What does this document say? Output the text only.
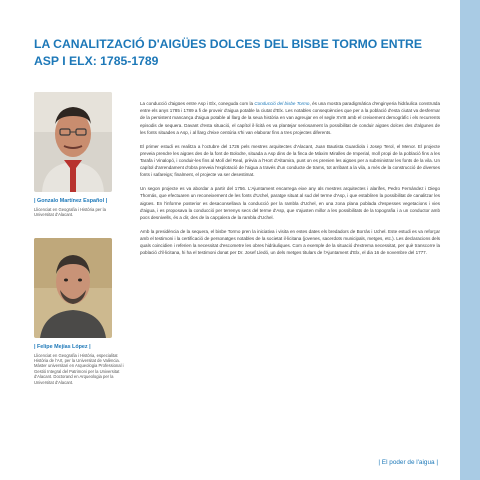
LA CANALITZACIÓ D'AIGÜES DOLCES DEL BISBE TORMO ENTRE ASP I ELX: 1785-1789
| Gonzalo Martínez Español |
Llicenciat en Geografia i Història per la Universitat d'Alacant.
| Felipe Mejías López |
Llicenciat en Geografia i Història, especialitat Història de l'Art, per la Universitat de València. Màster universitari en Arqueologia Professional i Gestió Integral del Patrimoni per la Universitat d'Alacant. Doctorand en Arqueologia per la Universitat d'Alacant.

La conducció d'aigües entre Asp i Elx, coneguda com la Conducció del bisbe Tormo, és una mostra paradigmàtica d'enginyeria hidràulica construïda entre els anys 1785 i 1789 a fi de proveir d'aigua potable la ciutat d'Elx. Les notables conseqüències que per a la població d'esta ciutat va desfermar de la persistent mancança d'aigua potable al llarg de la seua història en van agreujar en el segle XVIII amb el creixement demogràfic i els recurrents episodis de sequera. Davant d'esta situació, el capítol il·licità es va plantejar seriosament la possibilitat de conduir aigües dolces des d'algunes de les fonts situades a Asp, i al llarg d'eixe centúria s'hi van elaborar fins a tres projectes diferents.

El primer estudi es realitza a l'octubre del 1726 pels mestres arquitectes d'Alacant, Juan Bautista Guardiola i Josep Terol, el Menor. El projecte preveia prendre les aigües des de la font de Bolodre, situada a Asp dins de la finca de Màxim Miralles de Imperial, moll propi de la població fins a les Tarafa i Vinalopó, i conduir-les fins al Molí del Real, prèvia a l'Hort d'Altamira, punt on es prenien les aigües per a subministrar les fonts de la vila. Un capítol d'arrendament d'obra preveia l'explotació de l'aigua a través d'un conducte de trams, tot arribant a la vila, a més de la construcció de diverses fonts i safareigs; finalment, el projecte va ser desestimat.

Un segon projecte es va abordar a partir del 1756. L'Ajuntament encarrega eixe any als mestres arquitectes i alarifes, Pedro Fernández i Diego Thomás, que efectuaren un reconeixement de les fonts d'Uchel, paratge situat al sud del terme d'Asp, i que establiren la possibilitat de canalitzar les aigües. En l'informe posterior es desaconsellava la conducció per la rambla d'Uchel, en una zona plana poblada d'espesses vegetacions i vies d'aigua, i es proposava la conducció per terrenys secs del terme d'Asp, que s'ajusten millor a les possibilitats de la topografia i a un conductor amb pocs desnivells, és a dir, des de la capçalera de la rambla d'Uchel.

Amb la presidència de la sequera, el bisbe Tormo pren la iniciativa i visita en estes dates els bredadors de Borràs i Uchel. Este estudi es va reforçar amb el testimoni i la certificació de personatges notables de la societat il·licitana (jovenes, sacerdots municipals, metges, etc.). Les declaracions dels quals coincidien i referien la necessitat d'escometre les obres hidràuliques. Com a exemple de la situació d'extrema necessitat, per què transcorre la població d'il·licitana, hi ha el testimoni donat per Dr. Josef Lledó, un dels metges titulars de l'Ajuntament d'Elx, el dia 16 de novembre del 1777.

| El poder de l'aigua |
